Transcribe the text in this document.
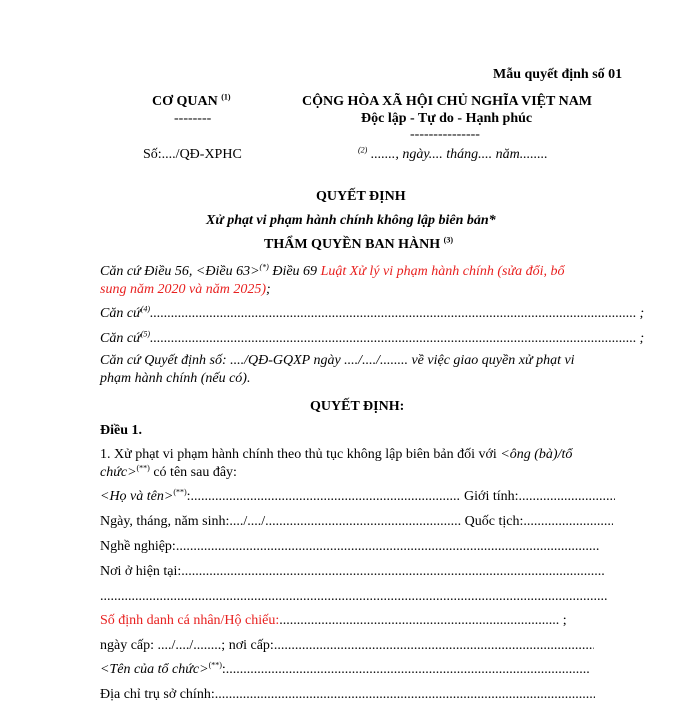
Mẫu quyết định số 01
CƠ QUAN $^{(1)}$
--------
Số:..../QĐ-XPHC
CỘNG HÒA XÃ HỘI CHỦ NGHĨA VIỆT NAM
Độc lập - Tự do - Hạnh phúc
---------------
$^{(2)}$ ......., ngày.... tháng.... năm........
QUYẾT ĐỊNH
Xử phạt vi phạm hành chính không lập biên bản*
THẨM QUYỀN BAN HÀNH $^{(3)}$
Căn cứ Điều 56, <Điều 63>(*) Điều 69 Luật Xử lý vi phạm hành chính (sửa đổi, bổ
sung năm 2020 và năm 2025);
Căn cứ$^{(4)}$ .....	;
Căn cứ$^{(5)}$ .....	;
Căn cứ Quyết định số: ..../QĐ-GQXP ngày ..../..../........ về việc giao quyền xử phạt vi
phạm hành chính (nếu có).
QUYẾT ĐỊNH:
Điều 1.
1. Xử phạt vi phạm hành chính theo thủ tục không lập biên bản đối với <ông (bà)/tổ
chức>(**) có tên sau đây:
<Họ và tên>(**): .....	Giới tính:.....
Ngày, tháng, năm sinh:..../..../ .....	Quốc tịch:.....
Nghề nghiệp: .....	.
Nơi ở hiện tại:.....
.....
Số định danh cá nhân/Hộ chiếu: .....	;
ngày cấp: ..../..../........; nơi cấp:.....
<Tên của tổ chức>(**):.....
Địa chỉ trụ sở chính:.....
